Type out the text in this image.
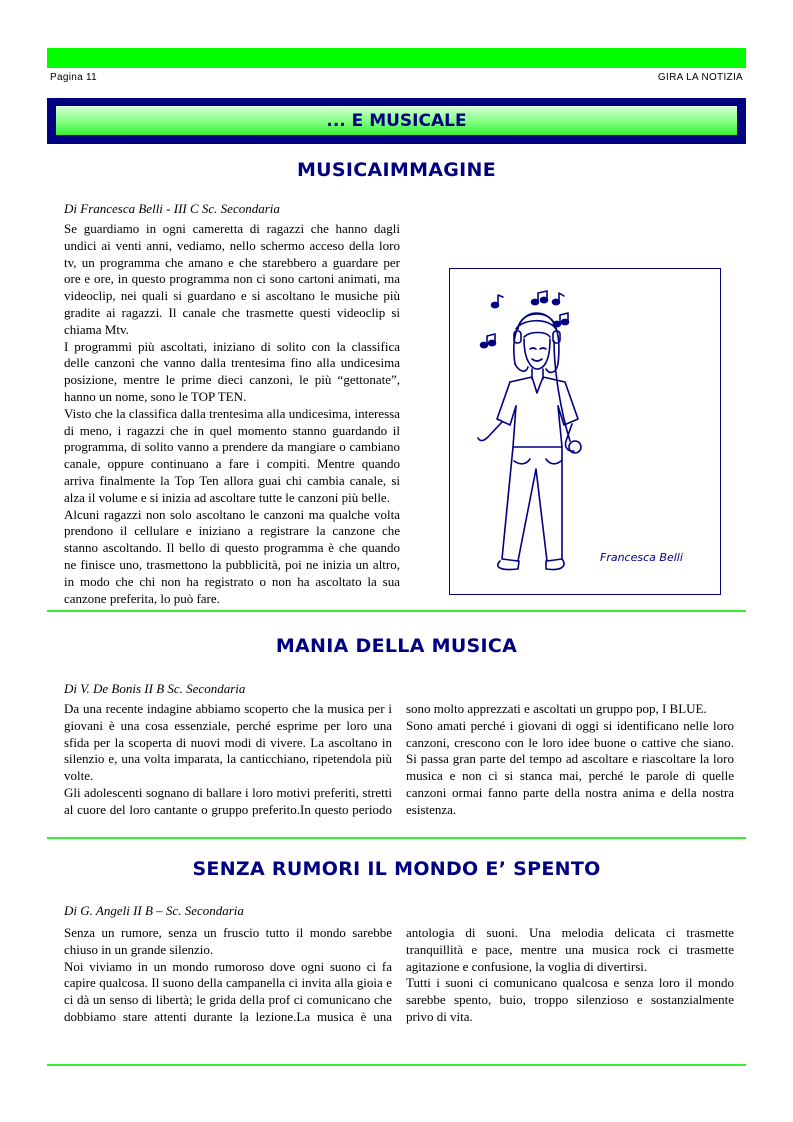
Pagina 11	GIRA LA NOTIZIA
... E MUSICALE
MUSICAIMMAGINE
Di Francesca Belli - III C Sc. Secondaria

Se guardiamo in ogni cameretta di ragazzi che hanno dagli undici ai venti anni, vediamo, nello schermo acceso della loro tv, un programma che amano e che starebbero a guardare per ore e ore, in questo programma non ci sono cartoni animati, ma videoclip, nei quali si guardano e si ascoltano le musiche più gradite ai ragazzi. Il canale che trasmette questi videoclip si chiama Mtv.

I programmi più ascoltati, iniziano di solito con la classifica delle canzoni che vanno dalla trentesima fino alla undicesima posizione, mentre le prime dieci canzoni, le più “gettonate”, hanno un nome, sono le TOP TEN.

Visto che la classifica dalla trentesima alla undicesima, interessa di meno, i ragazzi che in quel momento stanno guardando il programma, di solito vanno a prendere da mangiare o cambiano canale, oppure continuano a fare i compiti. Mentre quando arriva finalmente la Top Ten allora guai chi cambia canale, si alza il volume e si inizia ad ascoltare tutte le canzoni più belle.

Alcuni ragazzi non solo ascoltano le canzoni ma qualche volta prendono il cellulare e iniziano a registrare la canzone che stanno ascoltando. Il bello di questo programma è che quando ne finisce uno, trasmettono la pubblicità, poi ne inizia un altro, in modo che chi non ha registrato o non ha ascoltato la sua canzone preferita, lo può fare.

Francesca Belli
MANIA DELLA MUSICA
Di V. De Bonis II B Sc. Secondaria

Da una recente indagine abbiamo scoperto che la musica per i giovani è una cosa essenziale, perché esprime per loro una sfida per la scoperta di nuovi modi di vivere. La ascoltano in silenzio e, una volta imparata, la canticchiano, ripetendola più volte.

Gli adolescenti sognano di ballare i loro motivi preferiti, stretti al cuore del loro cantante o gruppo preferito.In questo periodo sono molto apprezzati e ascoltati un gruppo pop, I BLUE.

Sono amati perché i giovani di oggi si identificano nelle loro canzoni, crescono con le loro idee buone o cattive che siano. Si passa gran parte del tempo ad ascoltare e riascoltare la loro musica e non ci si stanca mai, perché le parole di quelle canzoni ormai fanno parte della nostra anima e della nostra esistenza.

SENZA RUMORI IL MONDO E’ SPENTO
Di G. Angeli II B – Sc. Secondaria

Senza un rumore, senza un fruscio tutto il mondo sarebbe chiuso in un grande silenzio.

Noi viviamo in un mondo rumoroso dove ogni suono ci fa capire qualcosa. Il suono della campanella ci invita alla gioia e ci dà un senso di libertà; le grida della prof ci comunicano che dobbiamo stare attenti durante la lezione.La musica è una antologia di suoni. Una melodia delicata ci trasmette tranquillità e pace, mentre una musica rock ci trasmette agitazione e confusione, la voglia di divertirsi.

Tutti i suoni ci comunicano qualcosa e senza loro il mondo sarebbe spento, buio, troppo silenzioso e sostanzialmente privo di vita.
